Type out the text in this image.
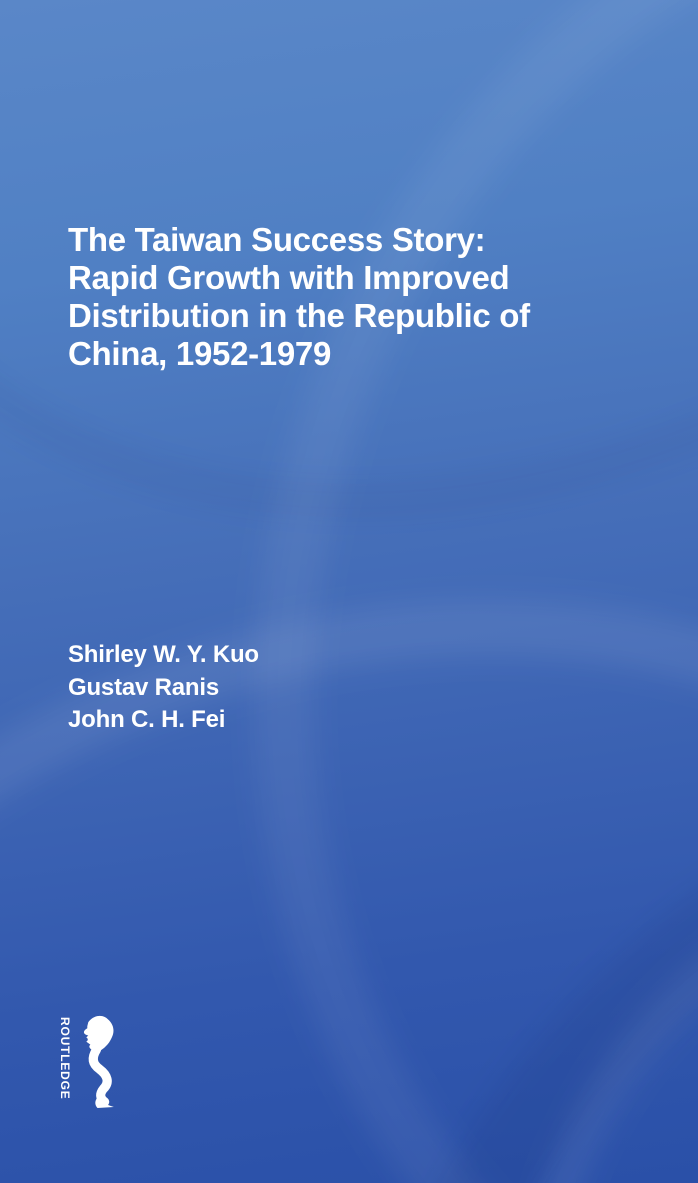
The Taiwan Success Story:
Rapid Growth with Improved
Distribution in the Republic of
China, 1952-1979
Shirley W. Y. Kuo
Gustav Ranis
John C. H. Fei
ROUTLEDGE
